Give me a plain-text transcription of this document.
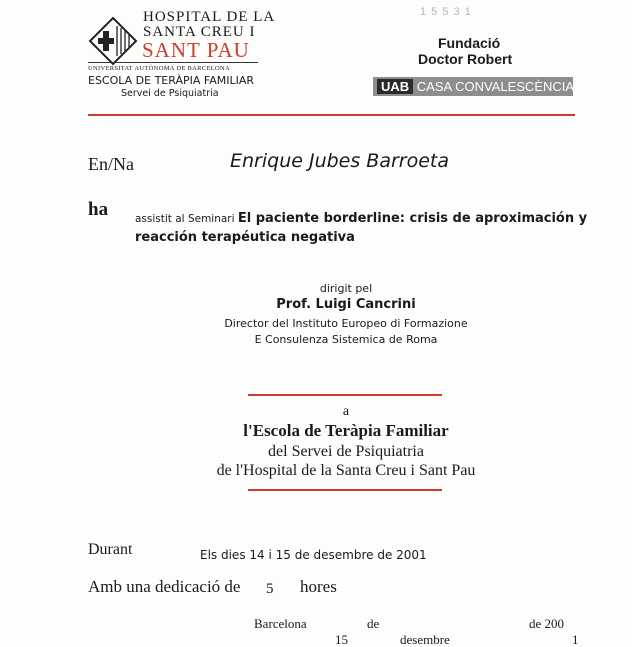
HOSPITAL DE LA
SANTA CREU I
SANT PAU
UNIVERSITAT AUTÒNOMA DE BARCELONA
ESCOLA DE TERÀPIA FAMILIAR
Servei de Psiquiatria
1 5 5 3 1
Fundació
Doctor Robert
UAB CASA CONVALESCÈNCIA
En/Na	Enrique Jubes Barroeta
ha	assistit al Seminari El paciente borderline: crisis de aproximación y
reacción terapéutica negativa
dirigit pel
Prof. Luigi Cancrini
Director del Instituto Europeo di Formazione
E Consulenza Sistemica de Roma
a
l'Escola de Teràpia Familiar
del Servei de Psiquiatria
de l'Hospital de la Santa Creu i Sant Pau
Durant	Els dies 14 i 15 de desembre de 2001
Amb una dedicació de 5 hores
Barcelona	de	de 200
15	desembre	1
